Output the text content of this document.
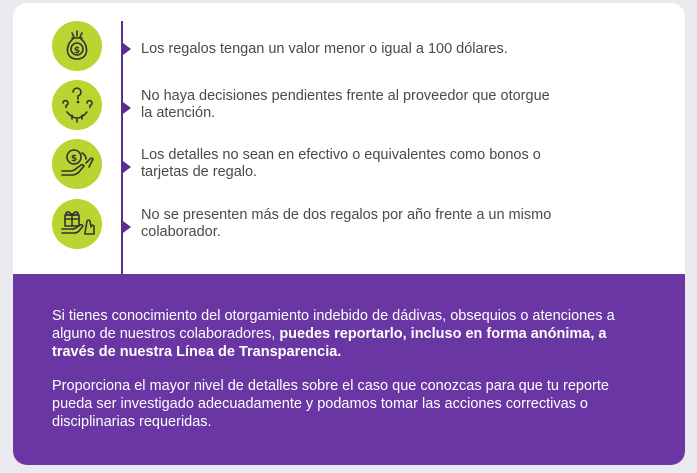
$	Los regalos tengan un valor menor o igual a 100 dólares.
No haya decisiones pendientes frente al proveedor que otorgue la atención.
$	Los detalles no sean en efectivo o equivalentes como bonos o tarjetas de regalo.
No se presenten más de dos regalos por año frente a un mismo colaborador.
Si tienes conocimiento del otorgamiento indebido de dádivas, obsequios o atenciones a alguno de nuestros colaboradores, puedes reportarlo, incluso en forma anónima, a través de nuestra Línea de Transparencia.
Proporciona el mayor nivel de detalles sobre el caso que conozcas para que tu reporte pueda ser investigado adecuadamente y podamos tomar las acciones correctivas o disciplinarias requeridas.
